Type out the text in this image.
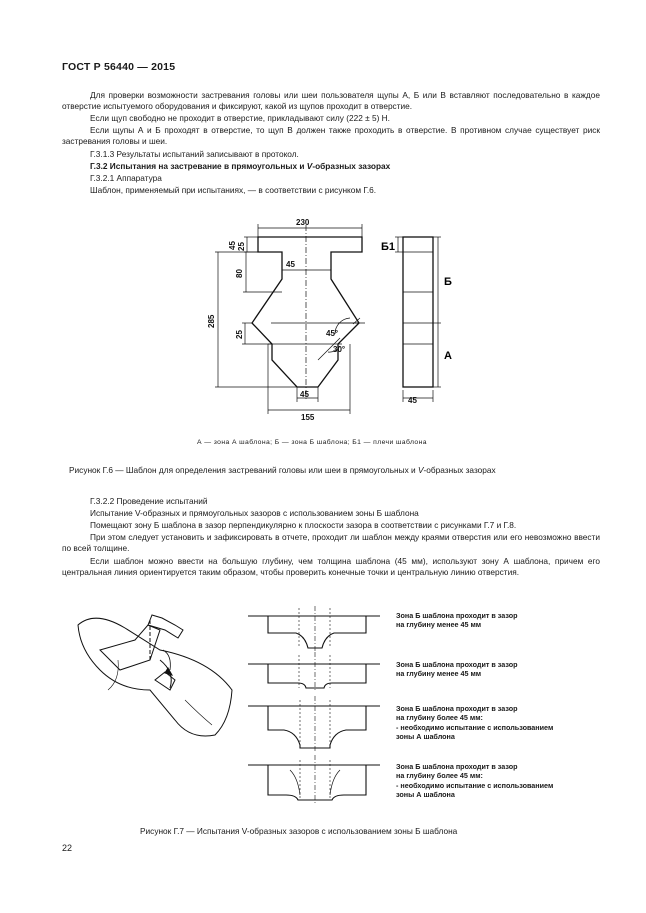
ГОСТ Р 56440 — 2015
Для проверки возможности застревания головы или шеи пользователя щупы А, Б или В вставляют последовательно в каждое отверстие испытуемого оборудования и фиксируют, какой из щупов проходит в отверстие.
Если щуп свободно не проходит в отверстие, прикладывают силу (222 ± 5) Н.
Если щупы А и Б проходят в отверстие, то щуп В должен также проходить в отверстие. В противном случае существует риск застревания головы и шеи.
Г.3.1.3 Результаты испытаний записывают в протокол.
Г.3.2 Испытания на застревание в прямоугольных и V-образных зазорах
Г.3.2.1 Аппаратура
Шаблон, применяемый при испытаниях, — в соответствии с рисунком Г.6.
230
45 25
80
45
285
25	45°
30°
45
155
45
Б1
Б
А
А — зона А шаблона; Б — зона Б шаблона; Б1 — плечи шаблона
Рисунок Г.6 — Шаблон для определения застреваний головы или шеи в прямоугольных и V-образных зазорах
Г.3.2.2 Проведение испытаний
Испытание V-образных и прямоугольных зазоров с использованием зоны Б шаблона
Помещают зону Б шаблона в зазор перпендикулярно к плоскости зазора в соответствии с рисунками Г.7 и Г.8.
При этом следует установить и зафиксировать в отчете, проходит ли шаблон между краями отверстия или его невозможно ввести по всей толщине.
Если шаблон можно ввести на большую глубину, чем толщина шаблона (45 мм), используют зону А шаблона, причем его центральная линия ориентируется таким образом, чтобы проверить конечные точки и центральную линию отверстия.
Зона Б шаблона проходит в зазор
на глубину менее 45 мм
Зона Б шаблона проходит в зазор
на глубину менее 45 мм
Зона Б шаблона проходит в зазор
на глубину более 45 мм:
- необходимо испытание с использованием
зоны А шаблона
Зона Б шаблона проходит в зазор
на глубину более 45 мм:
- необходимо испытание с использованием
зоны А шаблона
Рисунок Г.7 — Испытания V-образных зазоров с использованием зоны Б шаблона
22
